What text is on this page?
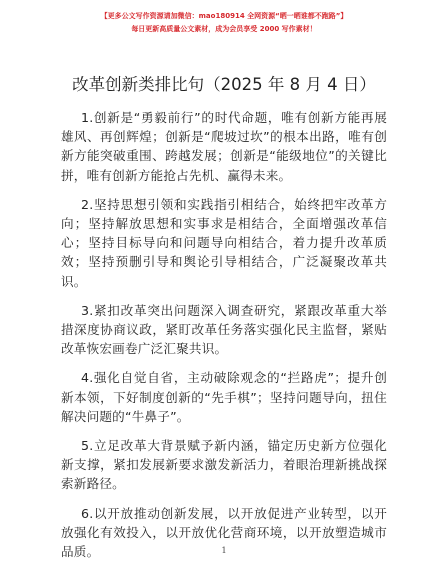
【更多公文写作资源请加微信：mao180914 全网资源“晒一晒谁都不跑路”】
每日更新高质量公文素材，成为会员享受 2000 写作素材！
改革创新类排比句（2025 年 8 月 4 日）

1.创新是“勇毅前行”的时代命题，唯有创新方能再展雄风、再创辉煌；创新是“爬坡过坎”的根本出路，唯有创新方能突破重围、跨越发展；创新是“能级地位”的关键比拼，唯有创新方能抢占先机、赢得未来。

2.坚持思想引领和实践指引相结合，始终把牢改革方向；坚持解放思想和实事求是相结合，全面增强改革信心；坚持目标导向和问题导向相结合，着力提升改革质效；坚持预删引导和舆论引导相结合，广泛凝聚改革共识。

3.紧扣改革突出问题深入调查研究，紧跟改革重大举措深度协商议政，紧盯改革任务落实强化民主监督，紧贴改革恢宏画卷广泛汇聚共识。

4.强化自觉自省，主动破除观念的“拦路虎”；提升创新本领，下好制度创新的“先手棋”；坚持问题导向，扭住解决问题的“牛鼻子”。

5.立足改革大背景赋予新内涵，锚定历史新方位强化新支撑，紧扣发展新要求激发新活力，着眼治理新挑战探索新路径。

6.以开放推动创新发展，以开放促进产业转型，以开放强化有效投入，以开放优化营商环境，以开放塑造城市品质。	1
